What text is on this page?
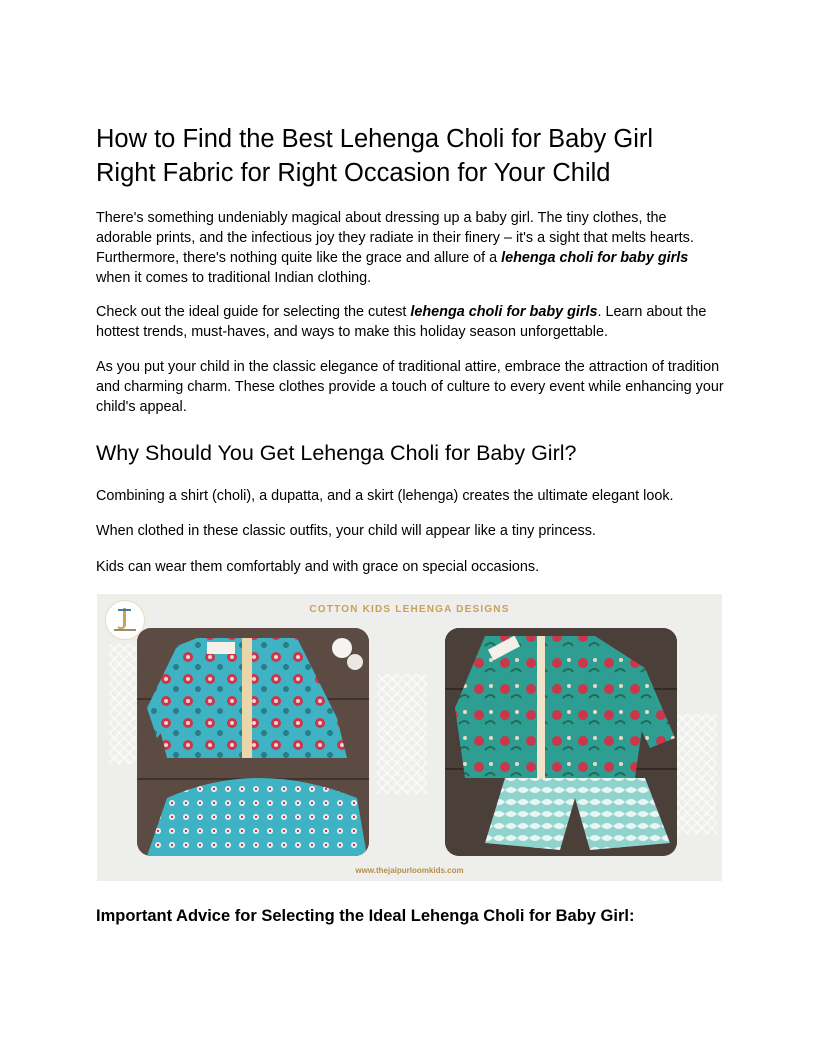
How to Find the Best Lehenga Choli for Baby Girl
Right Fabric for Right Occasion for Your Child

There's something undeniably magical about dressing up a baby girl. The tiny clothes, the adorable prints, and the infectious joy they radiate in their finery – it's a sight that melts hearts. Furthermore, there's nothing quite like the grace and allure of a lehenga choli for baby girls when it comes to traditional Indian clothing.

Check out the ideal guide for selecting the cutest lehenga choli for baby girls. Learn about the hottest trends, must-haves, and ways to make this holiday season unforgettable.

As you put your child in the classic elegance of traditional attire, embrace the attraction of tradition and charming charm. These clothes provide a touch of culture to every event while enhancing your child's appeal.

Why Should You Get Lehenga Choli for Baby Girl?

Combining a shirt (choli), a dupatta, and a skirt (lehenga) creates the ultimate elegant look.

When clothed in these classic outfits, your child will appear like a tiny princess.

Kids can wear them comfortably and with grace on special occasions.

COTTON KIDS LEHENGA DESIGNS
www.thejaipurloomkids.com
Important Advice for Selecting the Ideal Lehenga Choli for Baby Girl:
